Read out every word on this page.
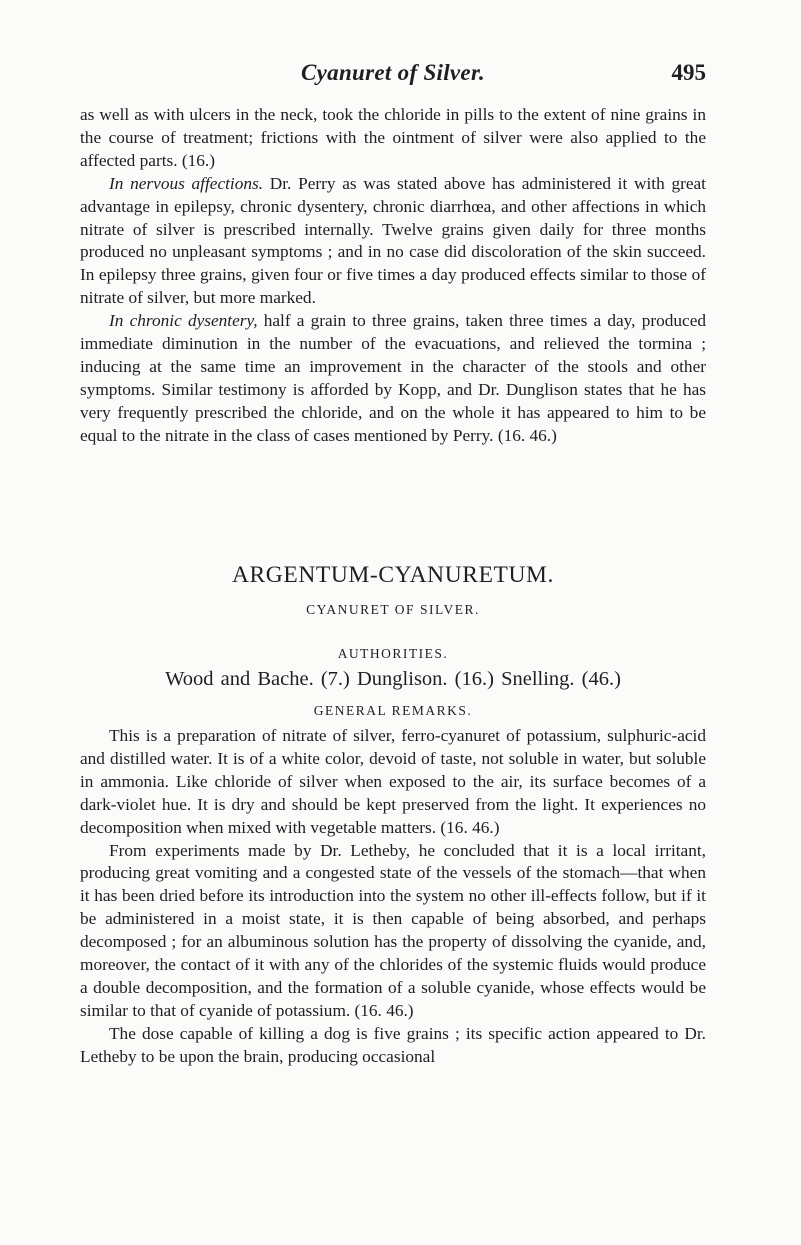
Cyanuret of Silver.	495

as well as with ulcers in the neck, took the chloride in pills to the extent of nine grains in the course of treatment; frictions with the ointment of silver were also applied to the affected parts. (16.)

In nervous affections. Dr. Perry as was stated above has administered it with great advantage in epilepsy, chronic dysentery, chronic diarrhœa, and other affections in which nitrate of silver is prescribed internally. Twelve grains given daily for three months produced no unpleasant symptoms ; and in no case did discoloration of the skin succeed. In epilepsy three grains, given four or five times a day produced effects similar to those of nitrate of silver, but more marked.

In chronic dysentery, half a grain to three grains, taken three times a day, produced immediate diminution in the number of the evacuations, and relieved the tormina ; inducing at the same time an improvement in the character of the stools and other symptoms. Similar testimony is afforded by Kopp, and Dr. Dunglison states that he has very frequently prescribed the chloride, and on the whole it has appeared to him to be equal to the nitrate in the class of cases mentioned by Perry. (16. 46.)

ARGENTUM-CYANURETUM.
CYANURET OF SILVER.
AUTHORITIES.
Wood and Bache. (7.) Dunglison. (16.) Snelling. (46.)
GENERAL REMARKS.

This is a preparation of nitrate of silver, ferro-cyanuret of potassium, sulphuric-acid and distilled water. It is of a white color, devoid of taste, not soluble in water, but soluble in ammonia. Like chloride of silver when exposed to the air, its surface becomes of a dark-violet hue. It is dry and should be kept preserved from the light. It experiences no decomposition when mixed with vegetable matters. (16. 46.)

From experiments made by Dr. Letheby, he concluded that it is a local irritant, producing great vomiting and a congested state of the vessels of the stomach—that when it has been dried before its introduction into the system no other ill-effects follow, but if it be administered in a moist state, it is then capable of being absorbed, and perhaps decomposed ; for an albuminous solution has the property of dissolving the cyanide, and, moreover, the contact of it with any of the chlorides of the systemic fluids would produce a double decomposition, and the formation of a soluble cyanide, whose effects would be similar to that of cyanide of potassium. (16. 46.)

The dose capable of killing a dog is five grains ; its specific action appeared to Dr. Letheby to be upon the brain, producing occasional
